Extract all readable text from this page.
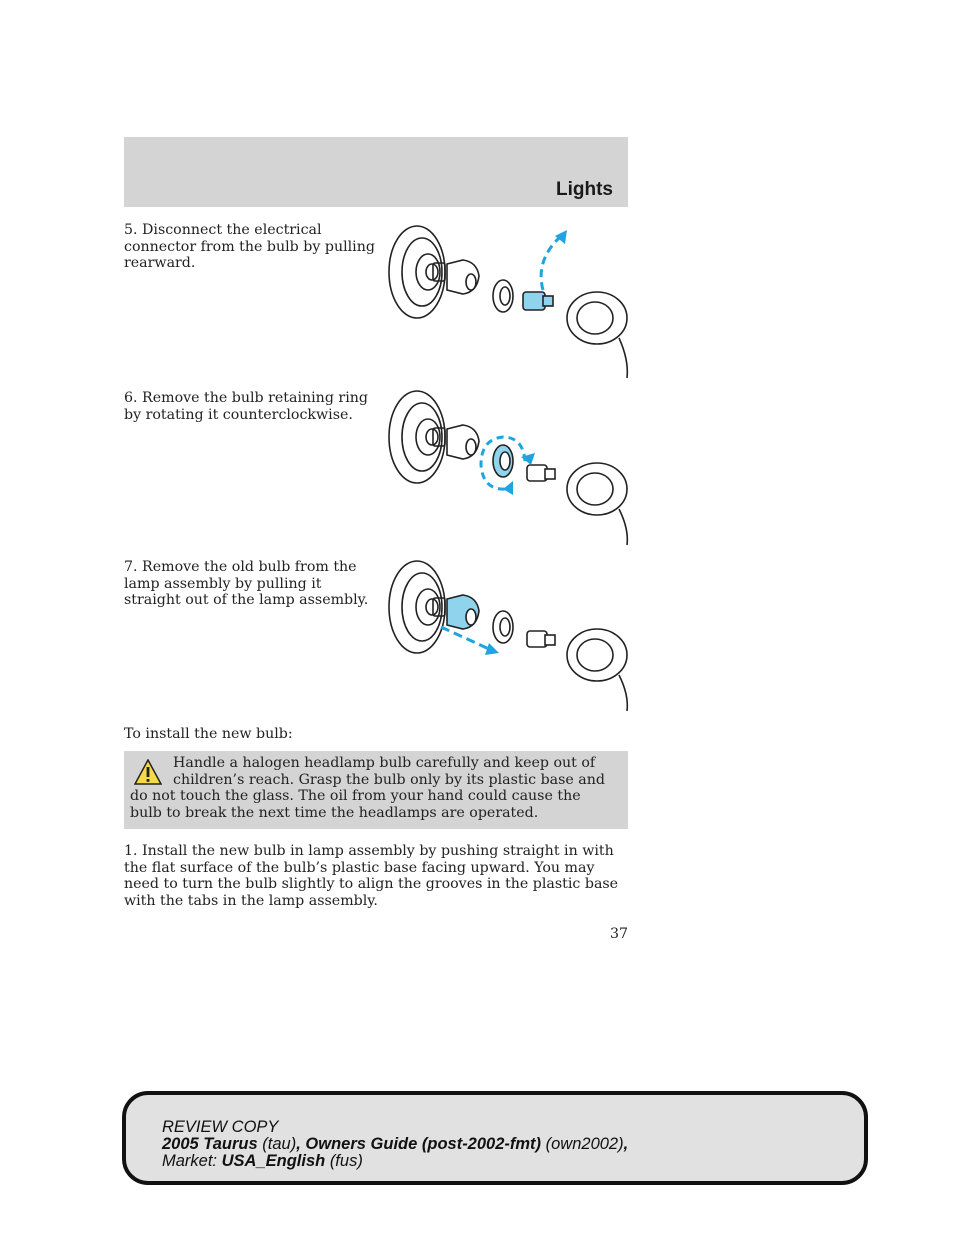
Lights
5. Disconnect the electrical connector from the bulb by pulling rearward.
6. Remove the bulb retaining ring by rotating it counterclockwise.
7. Remove the old bulb from the lamp assembly by pulling it straight out of the lamp assembly.
To install the new bulb:
Handle a halogen headlamp bulb carefully and keep out of children’s reach. Grasp the bulb only by its plastic base and do not touch the glass. The oil from your hand could cause the bulb to break the next time the headlamps are operated.
1. Install the new bulb in lamp assembly by pushing straight in with the flat surface of the bulb’s plastic base facing upward. You may need to turn the bulb slightly to align the grooves in the plastic base with the tabs in the lamp assembly.
37
REVIEW COPY
2005 Taurus (tau), Owners Guide (post-2002-fmt) (own2002),
Market: USA_English (fus)
